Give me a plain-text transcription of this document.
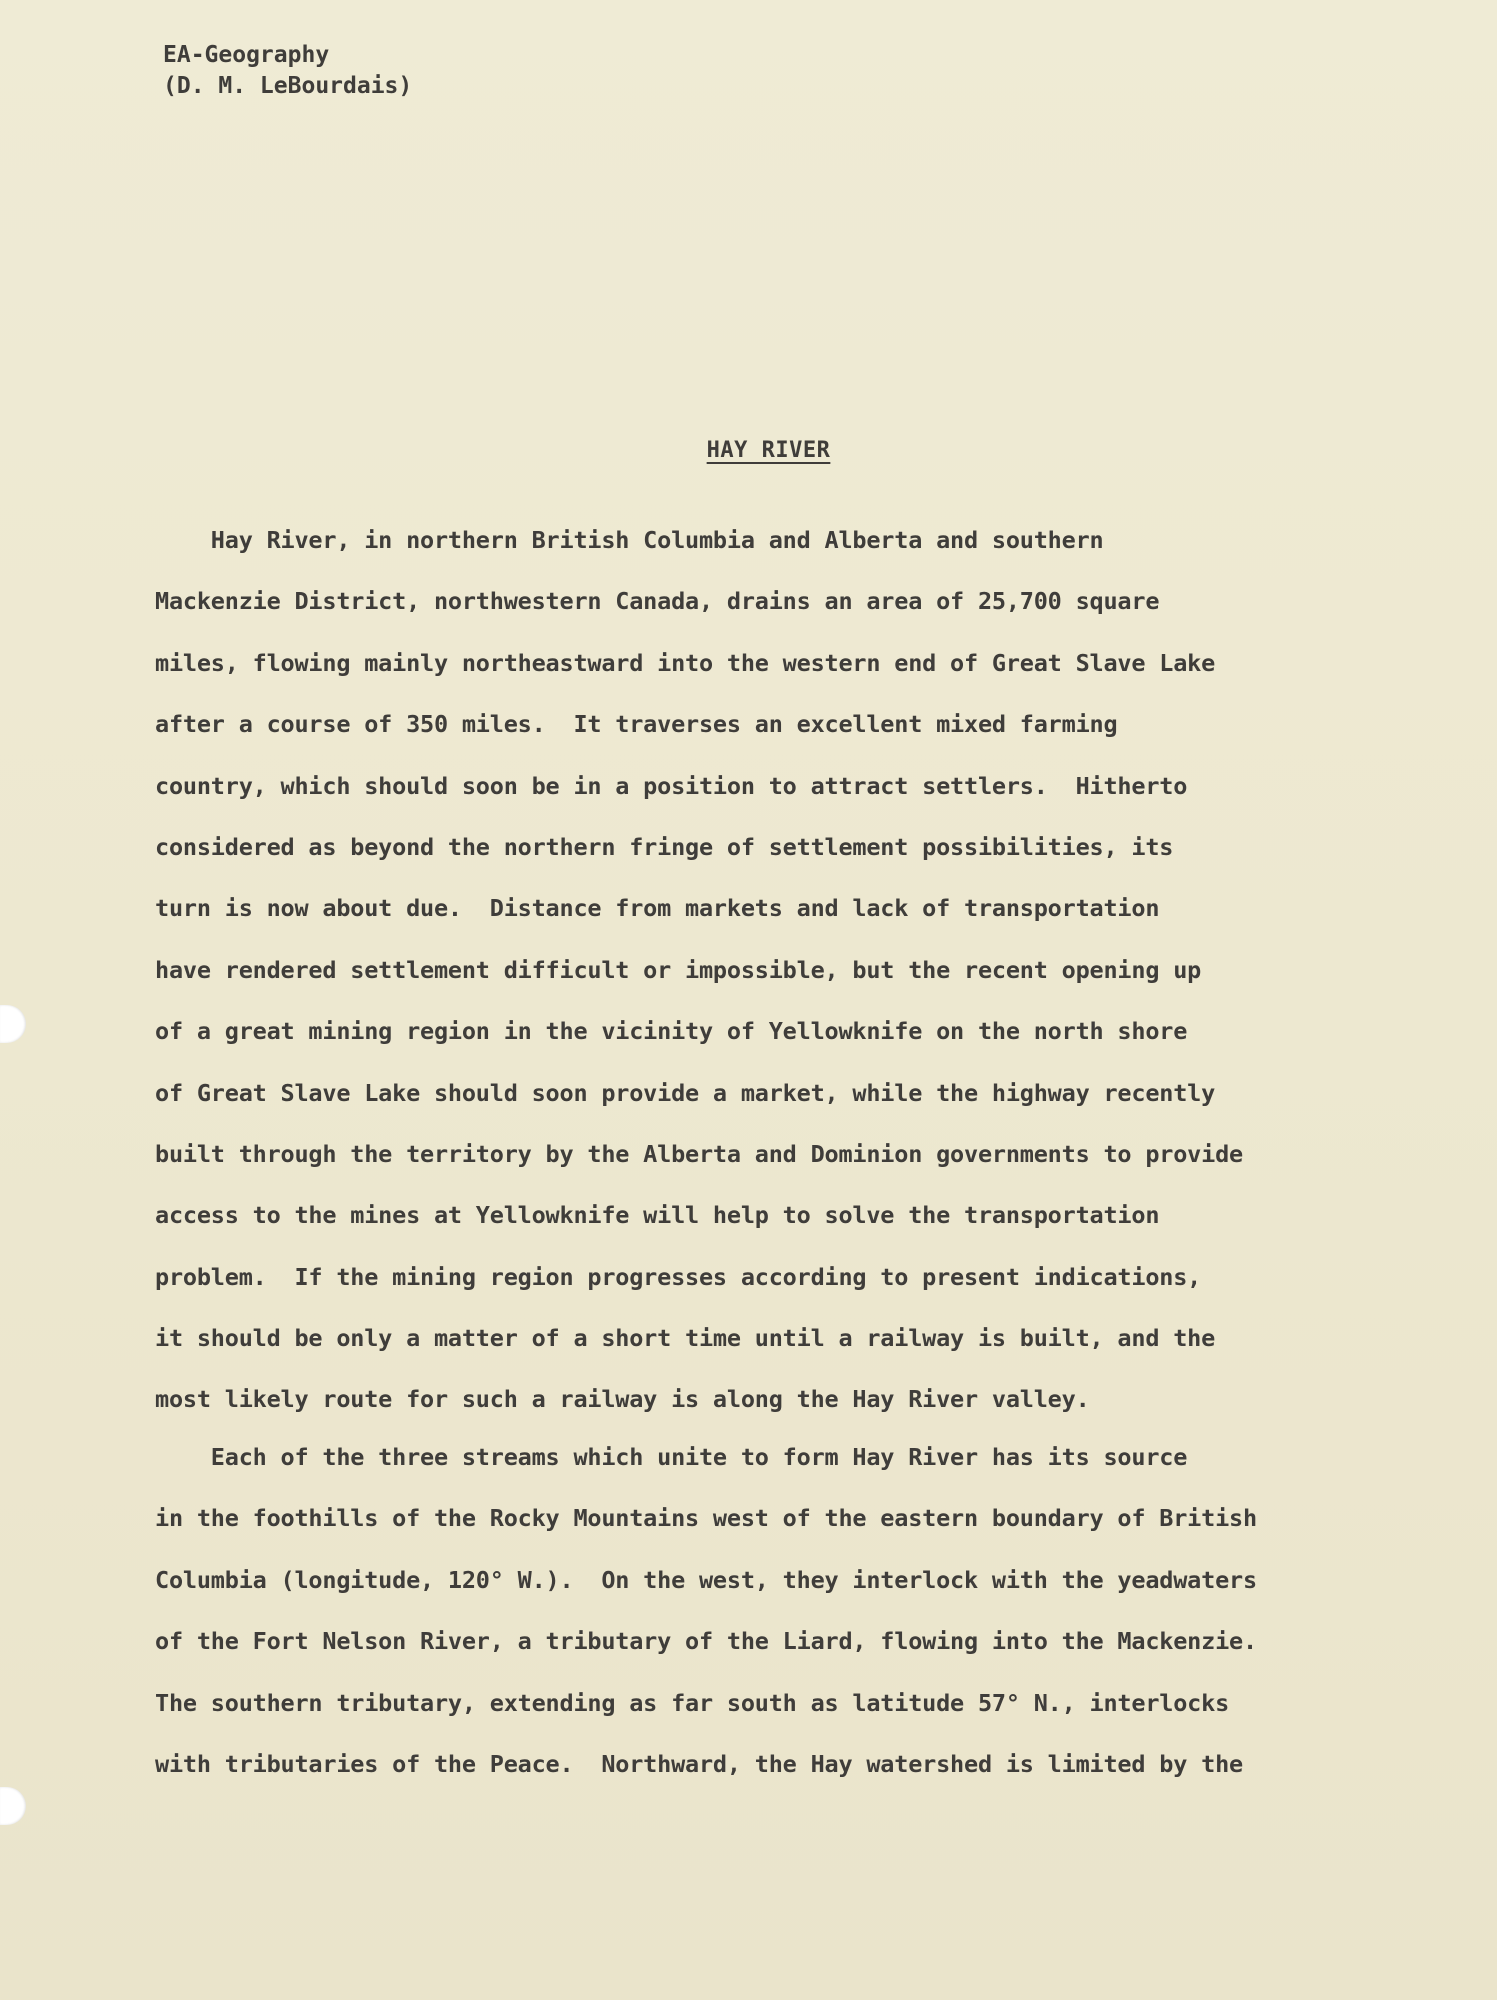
EA-Geography
(D. M. LeBourdais)
HAY RIVER
Hay River, in northern British Columbia and Alberta and southern
Mackenzie District, northwestern Canada, drains an area of 25,700 square
miles, flowing mainly northeastward into the western end of Great Slave Lake
after a course of 350 miles.  It traverses an excellent mixed farming
country, which should soon be in a position to attract settlers.  Hitherto
considered as beyond the northern fringe of settlement possibilities, its
turn is now about due.  Distance from markets and lack of transportation
have rendered settlement difficult or impossible, but the recent opening up
of a great mining region in the vicinity of Yellowknife on the north shore
of Great Slave Lake should soon provide a market, while the highway recently
built through the territory by the Alberta and Dominion governments to provide
access to the mines at Yellowknife will help to solve the transportation
problem.  If the mining region progresses according to present indications,
it should be only a matter of a short time until a railway is built, and the
most likely route for such a railway is along the Hay River valley.
Each of the three streams which unite to form Hay River has its source
in the foothills of the Rocky Mountains west of the eastern boundary of British
Columbia (longitude, 120° W.).  On the west, they interlock with the yeadwaters
of the Fort Nelson River, a tributary of the Liard, flowing into the Mackenzie.
The southern tributary, extending as far south as latitude 57° N., interlocks
with tributaries of the Peace.  Northward, the Hay watershed is limited by the
